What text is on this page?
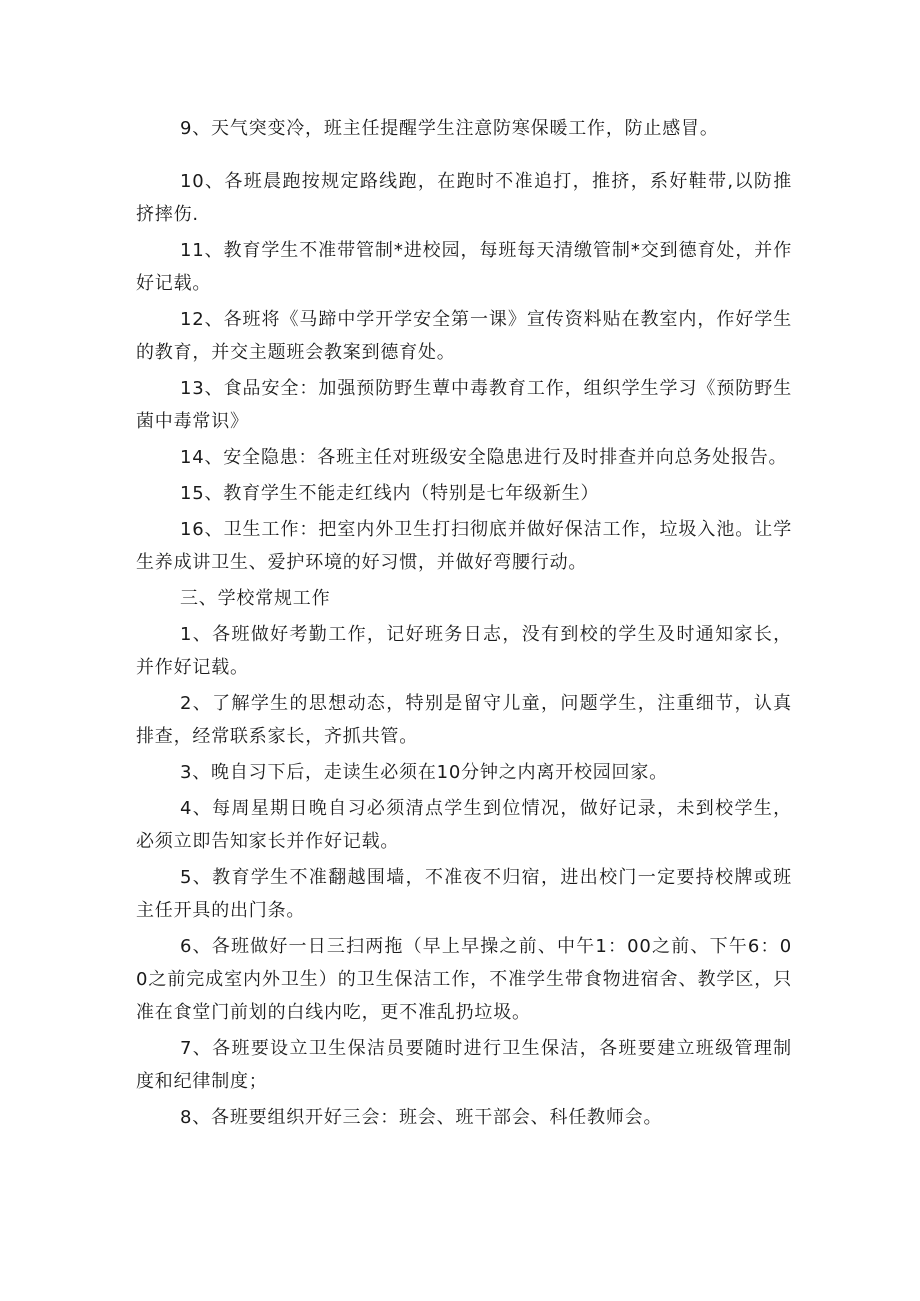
9、天气突变冷，班主任提醒学生注意防寒保暖工作，防止感冒。

10、各班晨跑按规定路线跑，在跑时不准追打，推挤，系好鞋带,以防推挤摔伤.

11、教育学生不准带管制*进校园，每班每天清缴管制*交到德育处，并作好记载。

12、各班将《马蹄中学开学安全第一课》宣传资料贴在教室内，作好学生的教育，并交主题班会教案到德育处。

13、食品安全：加强预防野生蕈中毒教育工作，组织学生学习《预防野生菌中毒常识》

14、安全隐患：各班主任对班级安全隐患进行及时排查并向总务处报告。

15、教育学生不能走红线内（特别是七年级新生）

16、卫生工作：把室内外卫生打扫彻底并做好保洁工作，垃圾入池。让学生养成讲卫生、爱护环境的好习惯，并做好弯腰行动。

三、学校常规工作

1、各班做好考勤工作，记好班务日志，没有到校的学生及时通知家长，并作好记载。

2、了解学生的思想动态，特别是留守儿童，问题学生，注重细节，认真排查，经常联系家长，齐抓共管。

3、晚自习下后，走读生必须在10分钟之内离开校园回家。

4、每周星期日晚自习必须清点学生到位情况，做好记录，未到校学生，必须立即告知家长并作好记载。

5、教育学生不准翻越围墙，不准夜不归宿，进出校门一定要持校牌或班主任开具的出门条。

6、各班做好一日三扫两拖（早上早操之前、中午1：00之前、下午6：00之前完成室内外卫生）的卫生保洁工作，不准学生带食物进宿舍、教学区，只准在食堂门前划的白线内吃，更不准乱扔垃圾。

7、各班要设立卫生保洁员要随时进行卫生保洁，各班要建立班级管理制度和纪律制度；

8、各班要组织开好三会：班会、班干部会、科任教师会。
